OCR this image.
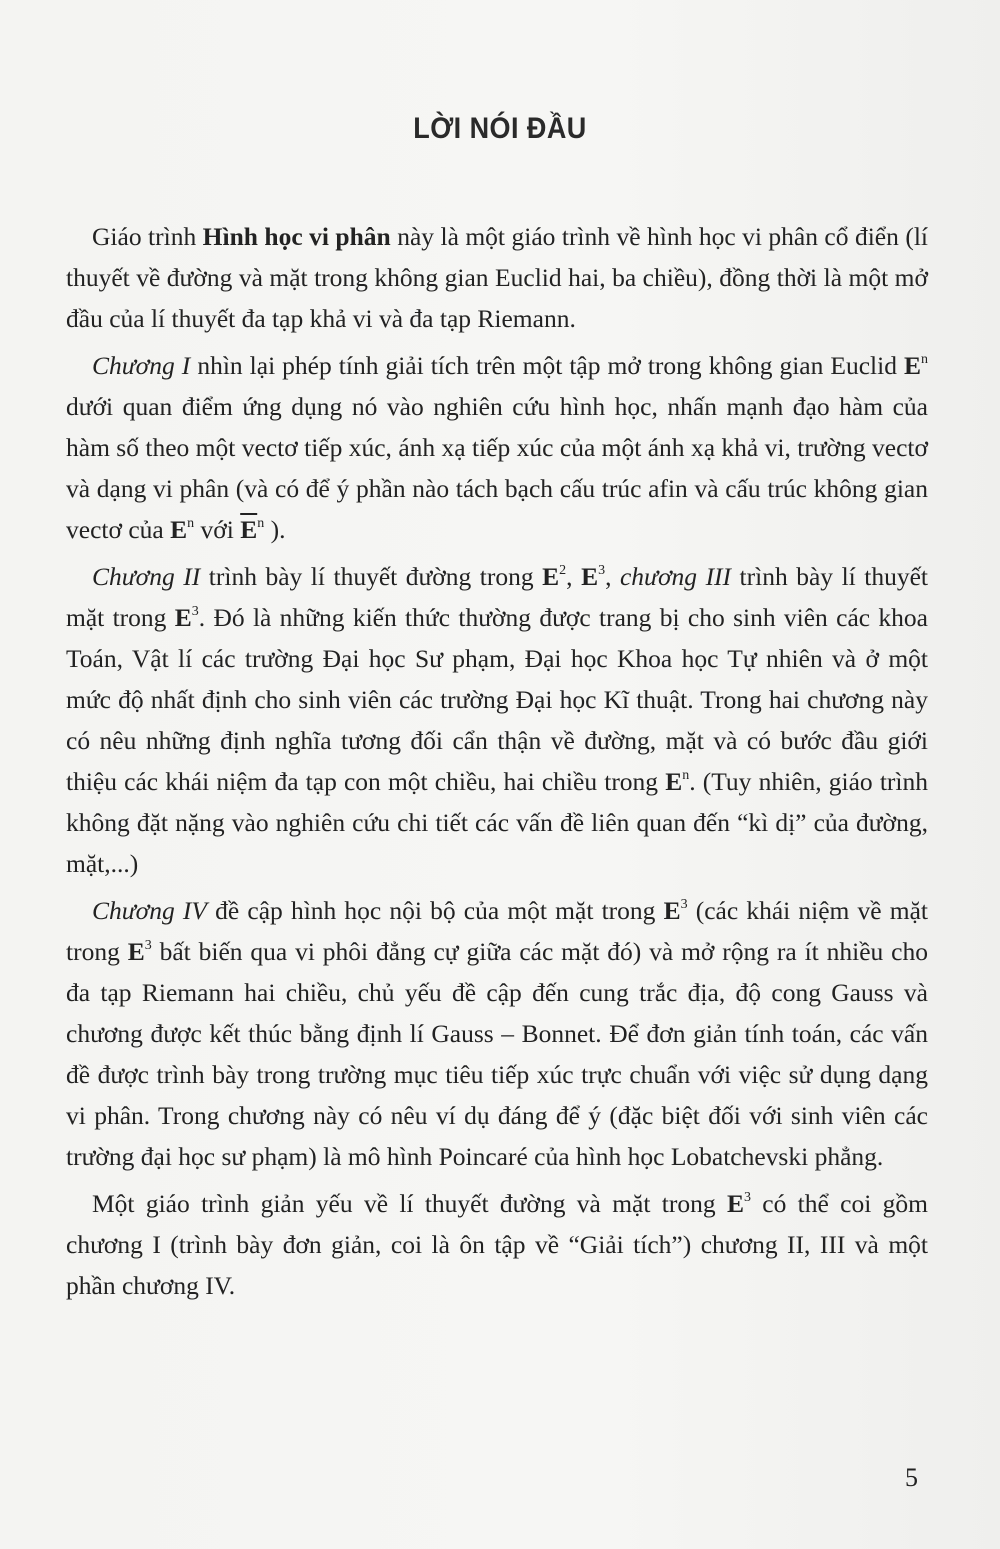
LỜI NÓI ĐẦU

Giáo trình Hình học vi phân này là một giáo trình về hình học vi phân cổ điển (lí thuyết về đường và mặt trong không gian Euclid hai, ba chiều), đồng thời là một mở đầu của lí thuyết đa tạp khả vi và đa tạp Riemann.

Chương I nhìn lại phép tính giải tích trên một tập mở trong không gian Euclid $E^n$ dưới quan điểm ứng dụng nó vào nghiên cứu hình học, nhấn mạnh đạo hàm của hàm số theo một vectơ tiếp xúc, ánh xạ tiếp xúc của một ánh xạ khả vi, trường vectơ và dạng vi phân (và có để ý phần nào tách bạch cấu trúc afin và cấu trúc không gian vectơ của $E^n$ với $\overline{E}^n$ ).

Chương II trình bày lí thuyết đường trong $E^2$, $E^3$, chương III trình bày lí thuyết mặt trong $E^3$. Đó là những kiến thức thường được trang bị cho sinh viên các khoa Toán, Vật lí các trường Đại học Sư phạm, Đại học Khoa học Tự nhiên và ở một mức độ nhất định cho sinh viên các trường Đại học Kĩ thuật. Trong hai chương này có nêu những định nghĩa tương đối cẩn thận về đường, mặt và có bước đầu giới thiệu các khái niệm đa tạp con một chiều, hai chiều trong $E^n$. (Tuy nhiên, giáo trình không đặt nặng vào nghiên cứu chi tiết các vấn đề liên quan đến “kì dị” của đường, mặt,...)

Chương IV đề cập hình học nội bộ của một mặt trong $E^3$ (các khái niệm về mặt trong $E^3$ bất biến qua vi phôi đẳng cự giữa các mặt đó) và mở rộng ra ít nhiều cho đa tạp Riemann hai chiều, chủ yếu đề cập đến cung trắc địa, độ cong Gauss và chương được kết thúc bằng định lí Gauss – Bonnet. Để đơn giản tính toán, các vấn đề được trình bày trong trường mục tiêu tiếp xúc trực chuẩn với việc sử dụng dạng vi phân. Trong chương này có nêu ví dụ đáng để ý (đặc biệt đối với sinh viên các trường đại học sư phạm) là mô hình Poincaré của hình học Lobatchevski phẳng.

Một giáo trình giản yếu về lí thuyết đường và mặt trong $E^3$ có thể coi gồm chương I (trình bày đơn giản, coi là ôn tập về “Giải tích”) chương II, III và một phần chương IV.

5
